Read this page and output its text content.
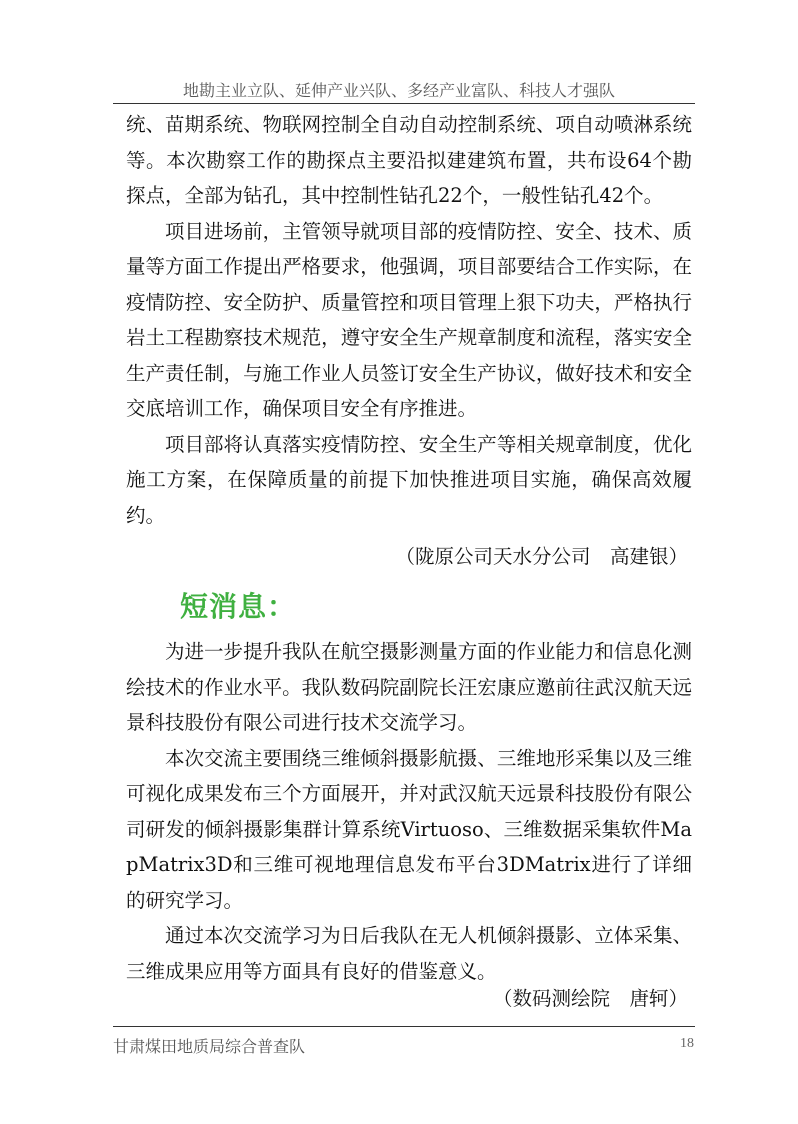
地勘主业立队、延伸产业兴队、多经产业富队、科技人才强队

统、苗期系统、物联网控制全自动自动控制系统、项自动喷淋系统等。本次勘察工作的勘探点主要沿拟建建筑布置，共布设64个勘探点，全部为钻孔，其中控制性钻孔22个，一般性钻孔42个。

项目进场前，主管领导就项目部的疫情防控、安全、技术、质量等方面工作提出严格要求，他强调，项目部要结合工作实际，在疫情防控、安全防护、质量管控和项目管理上狠下功夫，严格执行岩土工程勘察技术规范，遵守安全生产规章制度和流程，落实安全生产责任制，与施工作业人员签订安全生产协议，做好技术和安全交底培训工作，确保项目安全有序推进。

项目部将认真落实疫情防控、安全生产等相关规章制度，优化施工方案，在保障质量的前提下加快推进项目实施，确保高效履约。

（陇原公司天水分公司　高建银）
短消息：

为进一步提升我队在航空摄影测量方面的作业能力和信息化测绘技术的作业水平。我队数码院副院长汪宏康应邀前往武汉航天远景科技股份有限公司进行技术交流学习。

本次交流主要围绕三维倾斜摄影航摄、三维地形采集以及三维可视化成果发布三个方面展开，并对武汉航天远景科技股份有限公司研发的倾斜摄影集群计算系统Virtuoso、三维数据采集软件MapMatrix3D和三维可视地理信息发布平台3DMatrix进行了详细的研究学习。

通过本次交流学习为日后我队在无人机倾斜摄影、立体采集、三维成果应用等方面具有良好的借鉴意义。

（数码测绘院　唐轲）
甘肃煤田地质局综合普查队	18
